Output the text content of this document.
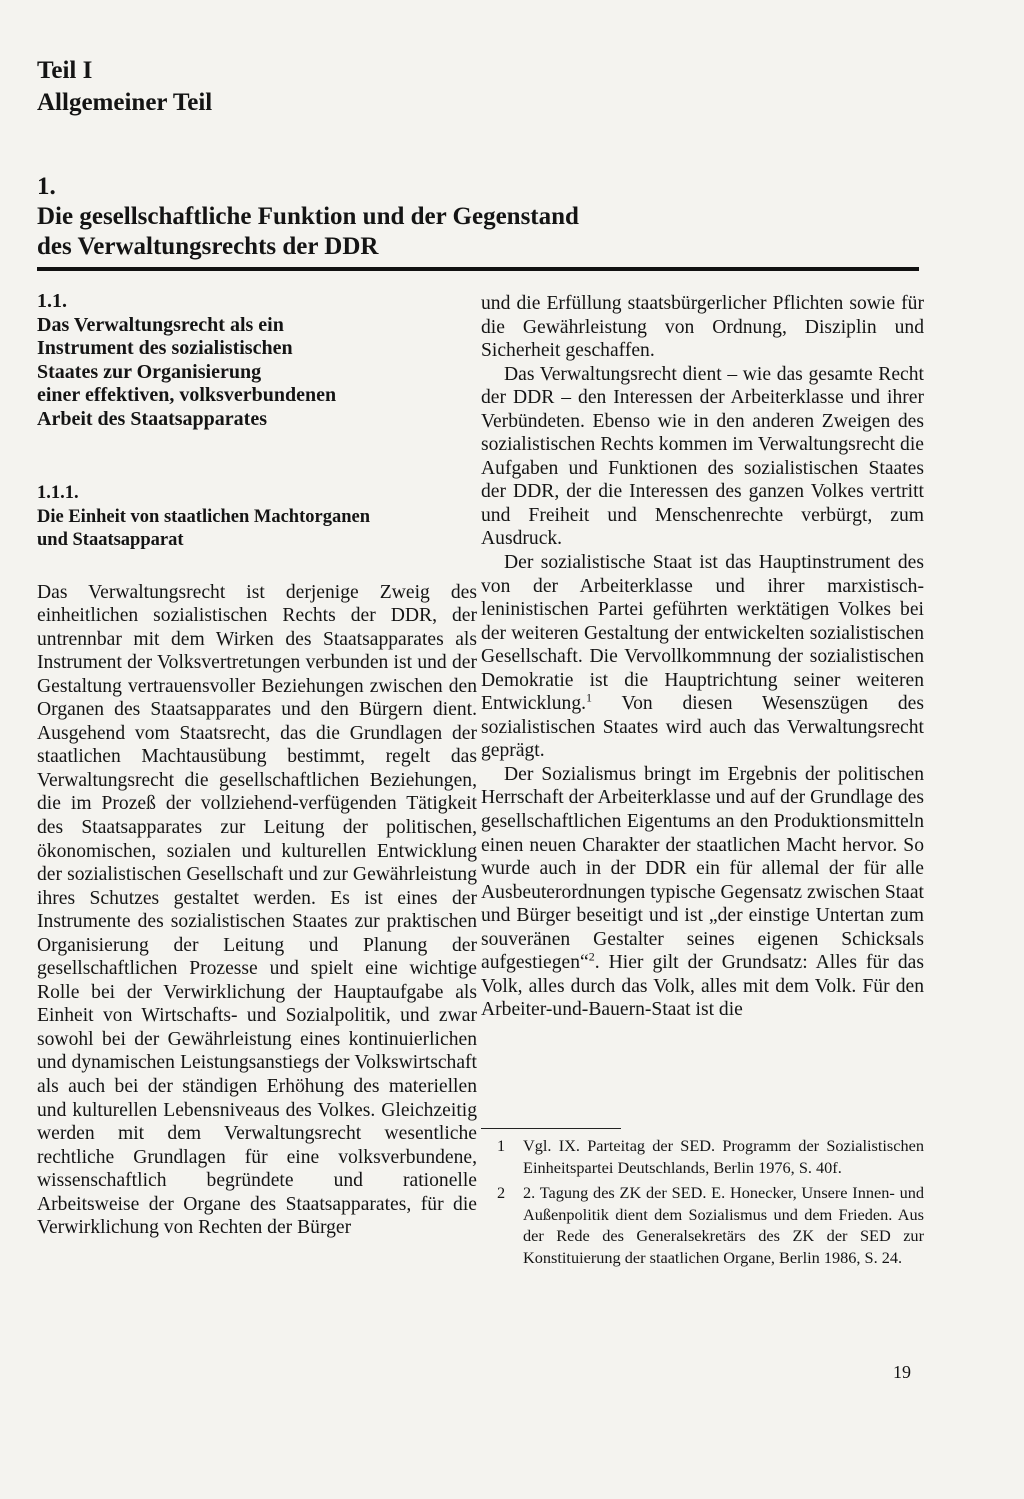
Teil I

Allgemeiner Teil

1.

Die gesellschaftliche Funktion und der Gegenstand

des Verwaltungsrechts der DDR

1.1.

Das Verwaltungsrecht als ein

Instrument des sozialistischen

Staates zur Organisierung

einer effektiven, volksverbundenen

Arbeit des Staatsapparates

1.1.1.

Die Einheit von staatlichen Machtorganen

und Staatsapparat

Das Verwaltungsrecht ist derjenige Zweig des einheitlichen sozialistischen Rechts der DDR, der untrennbar mit dem Wirken des Staatsapparates als Instrument der Volksvertretungen verbunden ist und der Gestaltung vertrauensvoller Beziehungen zwischen den Organen des Staatsapparates und den Bürgern dient. Ausgehend vom Staatsrecht, das die Grundlagen der staatlichen Machtausübung bestimmt, regelt das Verwaltungsrecht die gesellschaftlichen Beziehungen, die im Prozeß der vollziehend-verfügenden Tätigkeit des Staatsapparates zur Leitung der politischen, ökonomischen, sozialen und kulturellen Entwicklung der sozialistischen Gesellschaft und zur Gewährleistung ihres Schutzes gestaltet werden. Es ist eines der Instrumente des sozialistischen Staates zur praktischen Organisierung der Leitung und Planung der gesellschaftlichen Prozesse und spielt eine wichtige Rolle bei der Verwirklichung der Hauptaufgabe als Einheit von Wirtschafts- und Sozialpolitik, und zwar sowohl bei der Gewährleistung eines kontinuierlichen und dynamischen Leistungsanstiegs der Volkswirtschaft als auch bei der ständigen Erhöhung des materiellen und kulturellen Lebensniveaus des Volkes. Gleichzeitig werden mit dem Verwaltungsrecht wesentliche rechtliche Grundlagen für eine volksverbundene, wissenschaftlich begründete und rationelle Arbeitsweise der Organe des Staatsapparates, für die Verwirklichung von Rechten der Bürger

und die Erfüllung staatsbürgerlicher Pflichten sowie für die Gewährleistung von Ordnung, Disziplin und Sicherheit geschaffen.

Das Verwaltungsrecht dient – wie das gesamte Recht der DDR – den Interessen der Arbeiterklasse und ihrer Verbündeten. Ebenso wie in den anderen Zweigen des sozialistischen Rechts kommen im Verwaltungsrecht die Aufgaben und Funktionen des sozialistischen Staates der DDR, der die Interessen des ganzen Volkes vertritt und Freiheit und Menschenrechte verbürgt, zum Ausdruck.

Der sozialistische Staat ist das Hauptinstrument des von der Arbeiterklasse und ihrer marxistisch-leninistischen Partei geführten werktätigen Volkes bei der weiteren Gestaltung der entwickelten sozialistischen Gesellschaft. Die Vervollkommnung der sozialistischen Demokratie ist die Hauptrichtung seiner weiteren Entwicklung.$^1$ Von diesen Wesenszügen des sozialistischen Staates wird auch das Verwaltungsrecht geprägt.

Der Sozialismus bringt im Ergebnis der politischen Herrschaft der Arbeiterklasse und auf der Grundlage des gesellschaftlichen Eigentums an den Produktionsmitteln einen neuen Charakter der staatlichen Macht hervor. So wurde auch in der DDR ein für allemal der für alle Ausbeuterordnungen typische Gegensatz zwischen Staat und Bürger beseitigt und ist „der einstige Untertan zum souveränen Gestalter seines eigenen Schicksals aufgestiegen“$^2$. Hier gilt der Grundsatz: Alles für das Volk, alles durch das Volk, alles mit dem Volk. Für den Arbeiter-und-Bauern-Staat ist die

1	Vgl. IX. Parteitag der SED. Programm der Sozialistischen Einheitspartei Deutschlands, Berlin 1976, S. 40f.
2	2. Tagung des ZK der SED. E. Honecker, Unsere Innen- und Außenpolitik dient dem Sozialismus und dem Frieden. Aus der Rede des Generalsekretärs des ZK der SED zur Konstituierung der staatlichen Organe, Berlin 1986, S. 24.
19
